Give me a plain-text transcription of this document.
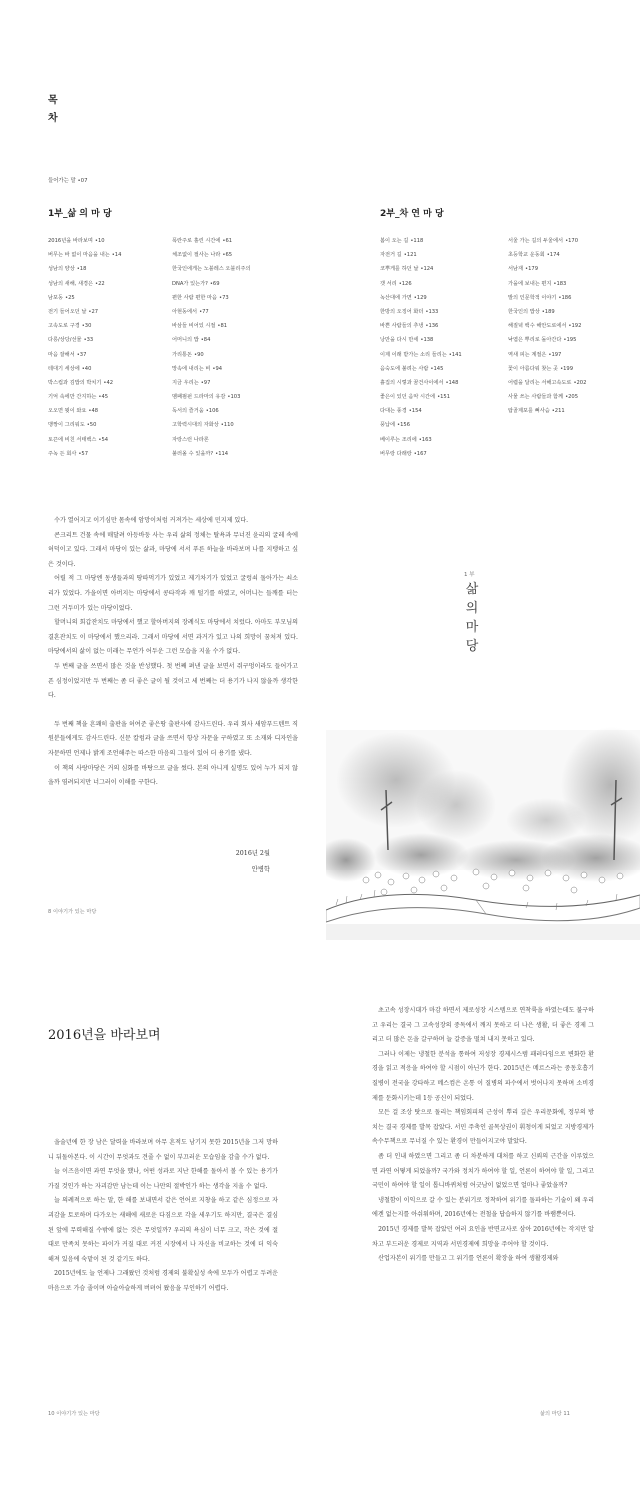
목
차
들어가는 말 •07
1부_삶 의 마 당	2부_차 연 마 당
2016년을 바라보며 •10
버무는 바 없이 마음을 내는 •14
성남의 양상 •18
성남의 새해, 새경은 •22
남포동 •25
전기 들어오던 날 •27
고속도로 구경 •30
다릉/상당/선물 •33
마음 잘해서 •37
테대기 세상에 •40
박스컵과 김밥의 박치기 •42
기억 속에만 간지하는 •45
오오면 뭣이 와요 •48
맹짱이 그리워도 •50
토끈에 비친 서태백스 •54
주녹 든 회사 •57
폭란주로 흘린 시간에 •61
체조없이 절사는 나라 •65
한국인에게는 노블레스 오블리주의
DNA가 있는가? •69
편한 사람 편한 마음 •73
아현동에서 •77
바삼들 비어있 시절 •81
어머니의 밥 •84
가리통돈 •90
망속에 내리는 비 •94
지금 우리는 •97
멤패펌펀 드라마의 유감 •103
독서의 즐거움 •106
고학력시대의 자화상 •110
자랑스런 나라론
불러올 수 있을까? •114
봄이 오는 길 •118
자전거 길 •121
코뿌게를 하던 날 •124
갯 서리 •126
녹산대에 가면 •129
한방의 오징어 화더 •133
바쁜 사람들의 추냉 •136
낭만을 다시 만세 •138
이제 이래 받가는 소리 들리는 •141
음숙도에 불려는 사람 •145
흙집의 시렇과 꿈건사이에서 •148
좋은이 있던 음악 시간에 •151
다대는 풍경 •154
풍납에 •156
베이루는 조리에 •163
버무랑 다래랑 •167
서울 가는 길의 두울에서 •170
초등학교 운동회 •174
서남재 •179
가을에 보내는 편지 •183
발의 인문학적 이야기 •186
한국인의 밥상 •189
해질녘 백수 해안도로에서 •192
낙엽은 뿌리로 돌아간다 •195
역새 피는 계절은 •197
꽃이 아름다워 찾는 곳 •199
어렵을 달리는 서해고속도로 •202
사물 쓰는 사람들과 함께 •205
탑골제포를 뼈사슴 •211

수가 열어지고 이기심만 몸속에 암망이처럼 커져가는 세상에 민지제 있다.

콘크리트 건물 속에 매달려 아등바둥 사는 우리 삶의 정체는 탈욕과 무너진 윤리의 굴레 속에 허덕이고 있다. 그래서 마당이 있는 삶과, 마당에 서서 푸른 하늘을 바라보며 나를 지탱하고 싶은 것이다.

어릴 적 그 마당엔 동생들과의 땅따먹기가 있었고 제기차기가 있었고 굴렁쇠 돌아가는 쇠소리가 있었다. 가을이면 아버지는 마당에서 콩타작과 깨 털기를 하였고, 어머니는 들깨를 터는 그런 거두미가 있는 마당이었다.

할머니의 회갑잔치도 마당에서 했고 할아버지의 장례식도 마당에서 치렀다. 아마도 부모님의 결혼잔치도 이 마당에서 했으리라. 그래서 마당에 서면 과거가 있고 나의 희망이 꿈처져 있다. 마당에서의 삶이 없는 미래는 무언가 어두운 그런 모습을 지울 수가 없다.

두 번째 글을 쓰면서 많은 것을 반성했다. 첫 번째 펴낸 글을 보면서 쥐구멍이라도 들어가고픈 심정이었지만 두 번째는 좀 더 좋은 글이 될 것이고 세 번째는 더 용기가 나지 않을까 생각한다.

두 번째 책을 흔쾌히 출판을 허여준 좋은땅 출판사에 감사드린다. 우리 회사 새암푸드텐트 직원분들에게도 감사드린다. 신문 칼럼과 글을 쓰면서 항상 자문을 구하였고 또 소재와 디자인을 자문하면 언제나 밝게 조언해주는 따스한 마음의 그들이 있어 더 용기를 냈다.

이 책의 사랑마당은 거의 심화를 바탕으로 글을 썼다. 본의 아니게 실명도 있어 누가 되지 않을까 염려되지만 너그러이 이해를 구한다.

2016년 2월
안병학
8 이야기가 있는 마당
1 부
삶
의
마
당
2016년을 바라보며

을술년에 한 장 남은 달력을 바라보며 아무 흔적도 남기지 못한 2015년을 그저 망하니 뒤돌아본다. 이 시간이 무엇과도 견줄 수 없이 부끄러운 모습임을 감출 수가 없다.

늘 이즈음이면 과연 무엇을 했나, 어떤 성과로 지난 한해를 돌아서 볼 수 있는 용기가 가질 것인가 하는 자괴감만 남는데 이는 나만의 절박인가 하는 생각을 지울 수 없다.

늘 의례적으로 하는 말, 한 해를 보내면서 같은 언어로 지창을 하고 같은 심정으로 자괴감을 토로하며 다가오는 새해에 새로운 다짐으로 각을 세우기도 하지만, 결국은 결심된 앞에 무력해질 수밖에 없는 것은 무엇일까? 우리의 욕심이 너무 크고, 작은 것에 절대로 만족치 못하는 파이가 커질 대로 커진 시장에서 나 자신을 비교하는 것에 더 익숙해져 있음에 숙맡이 된 것 같기도 하다.

2015년에도 늘 언제나 그래왔던 것처럼 경제의 불확실성 속에 모두가 어렵고 두려운 마음으로 가슴 졸이며 아슬아슬하게 버텨어 왔음을 부인하기 어렵다.

초고속 성장시대가 마감 하면서 제로성장 시스템으로 연착륙을 하였는데도 불구하고 우리는 결국 그 고속성장의 중독에서 깨지 못하고 더 나은 생활, 더 좋은 경제 그리고 더 많은 돈을 갈구하며 늘 갈증을 떨쳐 내지 못하고 있다.

그러나 이제는 냉철한 분석을 통하여 저성장 경제시스템 패러다임으로 변화한 환경을 읽고 적응을 하여야 할 시점이 아닌가 한다. 2015년은 메르스라는 중동호흡기 질병이 전국을 강타하고 메스컴은 온통 이 질병의 파수에서 벗어나지 못하며 소비경제를 둔화시키는데 1등 공신이 되었다.

모든 걸 조상 탓으로 돌리는 책임회피의 근성이 뿌리 깊은 우리문화에, 정부의 방치는 결국 경제를 발목 잡았다. 서민 주축인 골목상권이 휘청이게 되었고 지방경제가 속수무책으로 무너질 수 있는 환경이 만들어지고야 말았다.

좀 더 인내 하였으면 그리고 좀 더 차분하게 대처를 하고 신뢰의 근간을 이루었으면 과연 어떻게 되었을까? 국가와 정치가 하여야 할 일, 언론이 하여야 할 일, 그리고 국민이 하여야 할 일이 톱니바퀴처럼 어긋남이 없었으면 얼마나 좋았을까?

냉철함이 이익으로 갈 수 있는 분위기로 정착하여 위기를 돌파하는 기술이 왜 우리에겐 없는지를 아쉬워하며, 2016년에는 전철을 답습하지 않기를 바램뿐이다.

2015년 경제를 발목 잡았던 여러 요인을 반면교사로 삼아 2016년에는 작지만 알차고 부드러운 경제로 지역과 서민경제에 희망을 주어야 할 것이다.

산업자본이 위기를 만들고 그 위기를 언론이 확장을 하여 생활경제와

10 이야기가 있는 마당	삶의 마당 11
